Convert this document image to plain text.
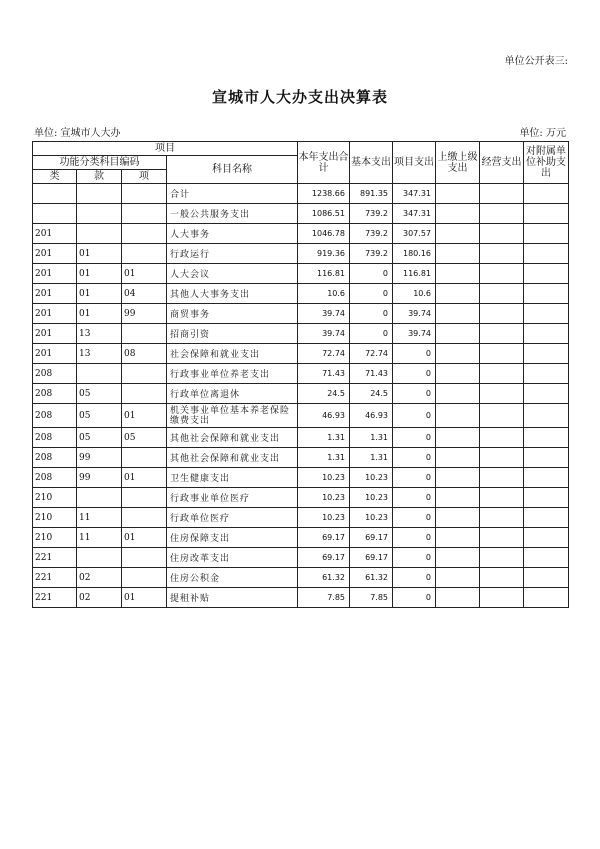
单位公开表三:
宣城市人大办支出决算表
单位: 宣城市人大办	单位: 万元
项目				本年支出合计	基本支出	项目支出	上缴上级支出	经营支出	对附属单位补助支出
功能分类科目编码			科目名称						
类	款	项							
			合计	1238.66	891.35	347.31			
			一般公共服务支出	1086.51	739.2	347.31			
201			人大事务	1046.78	739.2	307.57			
201	01		行政运行	919.36	739.2	180.16			
201	01	01	人大会议	116.81	0	116.81			
201	01	04	其他人大事务支出	10.6	0	10.6			
201	01	99	商贸事务	39.74	0	39.74			
201	13		招商引资	39.74	0	39.74			
201	13	08	社会保障和就业支出	72.74	72.74	0			
208			行政事业单位养老支出	71.43	71.43	0			
208	05		行政单位离退休	24.5	24.5	0			
208	05	01	机关事业单位基本养老保险缴费支出	46.93	46.93	0			
208	05	05	其他社会保障和就业支出	1.31	1.31	0			
208	99		其他社会保障和就业支出	1.31	1.31	0			
208	99	01	卫生健康支出	10.23	10.23	0			
210			行政事业单位医疗	10.23	10.23	0			
210	11		行政单位医疗	10.23	10.23	0			
210	11	01	住房保障支出	69.17	69.17	0			
221			住房改革支出	69.17	69.17	0			
221	02		住房公积金	61.32	61.32	0			
221	02	01	提租补贴	7.85	7.85	0			
